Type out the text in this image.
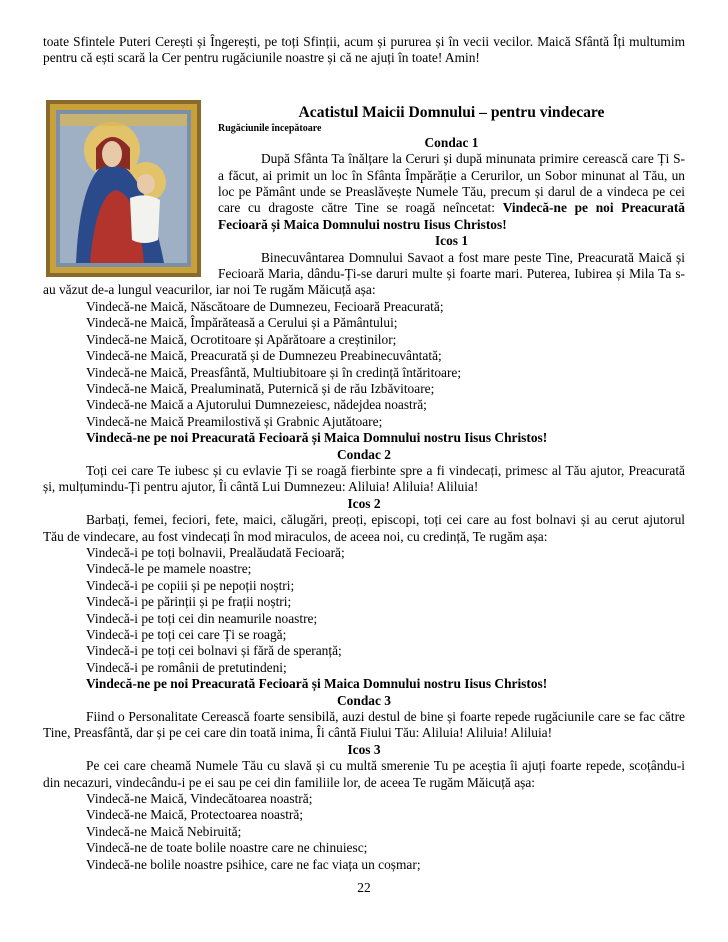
toate Sfintele Puteri Cerești și Îngerești, pe toți Sfinții, acum și pururea și în vecii vecilor. Maică Sfântă Îți multumim pentru că ești scară la Cer pentru rugăciunile noastre și că ne ajuți în toate! Amin!
Acatistul Maicii Domnului – pentru vindecare
Rugăciunile începătoare
Condac 1
După Sfânta Ta înălțare la Ceruri și după minunata primire cerească care Ți S-a făcut, ai primit un loc în Sfânta Împărăție a Cerurilor, un Sobor minunat al Tău, un loc pe Pământ unde se Preaslăvește Numele Tău, precum și darul de a vindeca pe cei care cu dragoste către Tine se roagă neîncetat: Vindecă-ne pe noi Preacurată Fecioară și Maica Domnului nostru Iisus Christos!
Icos 1
Binecuvântarea Domnului Savaot a fost mare peste Tine, Preacurată Maică și Fecioară Maria, dându-Ți-se daruri multe și foarte mari. Puterea, Iubirea și Mila Ta s-au văzut de-a lungul veacurilor, iar noi Te rugăm Măicuță așa:
Vindecă-ne Maică, Născătoare de Dumnezeu, Fecioară Preacurată;
Vindecă-ne Maică, Împărăteasă a Cerului și a Pământului;
Vindecă-ne Maică, Ocrotitoare și Apărătoare a creștinilor;
Vindecă-ne Maică, Preacurată și de Dumnezeu Preabinecuvântată;
Vindecă-ne Maică, Preasfântă, Multiubitoare și în credință întăritoare;
Vindecă-ne Maică, Prealuminată, Puternică și de rău Izbăvitoare;
Vindecă-ne Maică a Ajutorului Dumnezeiesc, nădejdea noastră;
Vindecă-ne Maică Preamilostivă și Grabnic Ajutătoare;
Vindecă-ne pe noi Preacurată Fecioară și Maica Domnului nostru Iisus Christos!
Condac 2
Toți cei care Te iubesc și cu evlavie Ți se roagă fierbinte spre a fi vindecați, primesc al Tău ajutor, Preacurată și, mulțumindu-Ți pentru ajutor, Îi cântă Lui Dumnezeu: Aliluia! Aliluia! Aliluia!
Icos 2
Barbați, femei, feciori, fete, maici, călugări, preoți, episcopi, toți cei care au fost bolnavi și au cerut ajutorul Tău de vindecare, au fost vindecați în mod miraculos, de aceea noi, cu credință, Te rugăm așa:
Vindecă-i pe toți bolnavii, Prealăudată Fecioară;
Vindecă-le pe mamele noastre;
Vindecă-i pe copiii și pe nepoții noștri;
Vindecă-i pe părinții și pe frații noștri;
Vindecă-i pe toți cei din neamurile noastre;
Vindecă-i pe toți cei care Ți se roagă;
Vindecă-i pe toți cei bolnavi și fără de speranță;
Vindecă-i pe românii de pretutindeni;
Vindecă-ne pe noi Preacurată Fecioară și Maica Domnului nostru Iisus Christos!
Condac 3
Fiind o Personalitate Cerească foarte sensibilă, auzi destul de bine și foarte repede rugăciunile care se fac către Tine, Preasfântă, dar și pe cei care din toată inima, Îi cântă Fiului Tău: Aliluia! Aliluia! Aliluia!
Icos 3
Pe cei care cheamă Numele Tău cu slavă și cu multă smerenie Tu pe aceștia îi ajuți foarte repede, scoțându-i din necazuri, vindecându-i pe ei sau pe cei din familiile lor, de aceea Te rugăm Măicuță așa:
Vindecă-ne Maică, Vindecătoarea noastră;
Vindecă-ne Maică, Protectoarea noastră;
Vindecă-ne Maică Nebiruită;
Vindecă-ne de toate bolile noastre care ne chinuiesc;
Vindecă-ne bolile noastre psihice, care ne fac viața un coșmar;
22
